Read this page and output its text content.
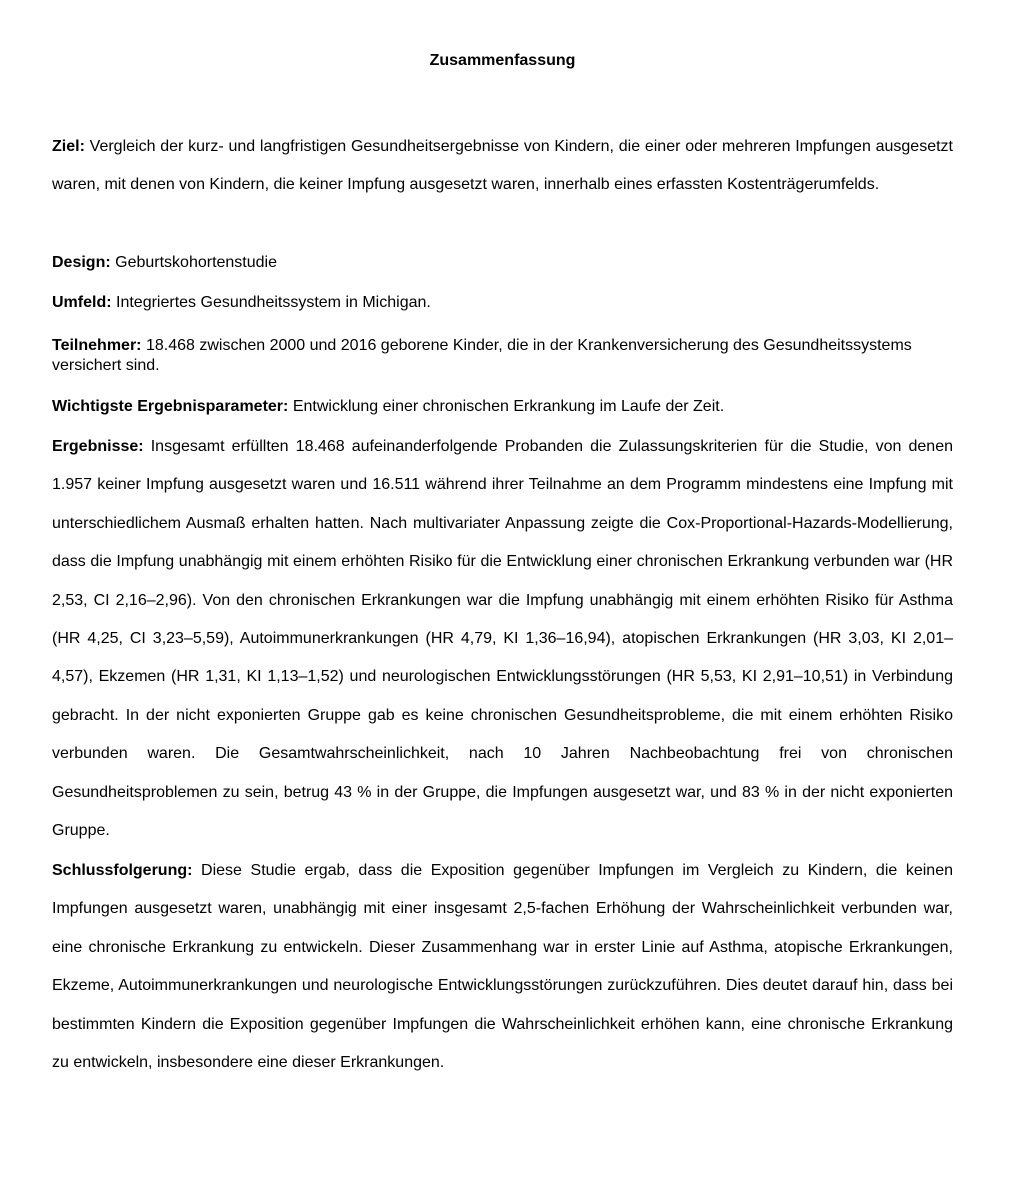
Zusammenfassung

Ziel: Vergleich der kurz- und langfristigen Gesundheitsergebnisse von Kindern, die einer oder mehreren Impfungen ausgesetzt waren, mit denen von Kindern, die keiner Impfung ausgesetzt waren, innerhalb eines erfassten Kostenträgerumfelds.

Design: Geburtskohortenstudie

Umfeld: Integriertes Gesundheitssystem in Michigan.

Teilnehmer: 18.468 zwischen 2000 und 2016 geborene Kinder, die in der Krankenversicherung des Gesundheitssystems versichert sind.

Wichtigste Ergebnisparameter: Entwicklung einer chronischen Erkrankung im Laufe der Zeit.

Ergebnisse: Insgesamt erfüllten 18.468 aufeinanderfolgende Probanden die Zulassungskriterien für die Studie, von denen 1.957 keiner Impfung ausgesetzt waren und 16.511 während ihrer Teilnahme an dem Programm mindestens eine Impfung mit unterschiedlichem Ausmaß erhalten hatten. Nach multivariater Anpassung zeigte die Cox-Proportional-Hazards-Modellierung, dass die Impfung unabhängig mit einem erhöhten Risiko für die Entwicklung einer chronischen Erkrankung verbunden war (HR 2,53, CI 2,16–2,96). Von den chronischen Erkrankungen war die Impfung unabhängig mit einem erhöhten Risiko für Asthma (HR 4,25, CI 3,23–5,59), Autoimmunerkrankungen (HR 4,79, KI 1,36–16,94), atopischen Erkrankungen (HR 3,03, KI 2,01–4,57), Ekzemen (HR 1,31, KI 1,13–1,52) und neurologischen Entwicklungsstörungen (HR 5,53, KI 2,91–10,51) in Verbindung gebracht. In der nicht exponierten Gruppe gab es keine chronischen Gesundheitsprobleme, die mit einem erhöhten Risiko verbunden waren. Die Gesamtwahrscheinlichkeit, nach 10 Jahren Nachbeobachtung frei von chronischen Gesundheitsproblemen zu sein, betrug 43 % in der Gruppe, die Impfungen ausgesetzt war, und 83 % in der nicht exponierten Gruppe.

Schlussfolgerung: Diese Studie ergab, dass die Exposition gegenüber Impfungen im Vergleich zu Kindern, die keinen Impfungen ausgesetzt waren, unabhängig mit einer insgesamt 2,5-fachen Erhöhung der Wahrscheinlichkeit verbunden war, eine chronische Erkrankung zu entwickeln. Dieser Zusammenhang war in erster Linie auf Asthma, atopische Erkrankungen, Ekzeme, Autoimmunerkrankungen und neurologische Entwicklungsstörungen zurückzuführen. Dies deutet darauf hin, dass bei bestimmten Kindern die Exposition gegenüber Impfungen die Wahrscheinlichkeit erhöhen kann, eine chronische Erkrankung zu entwickeln, insbesondere eine dieser Erkrankungen.
